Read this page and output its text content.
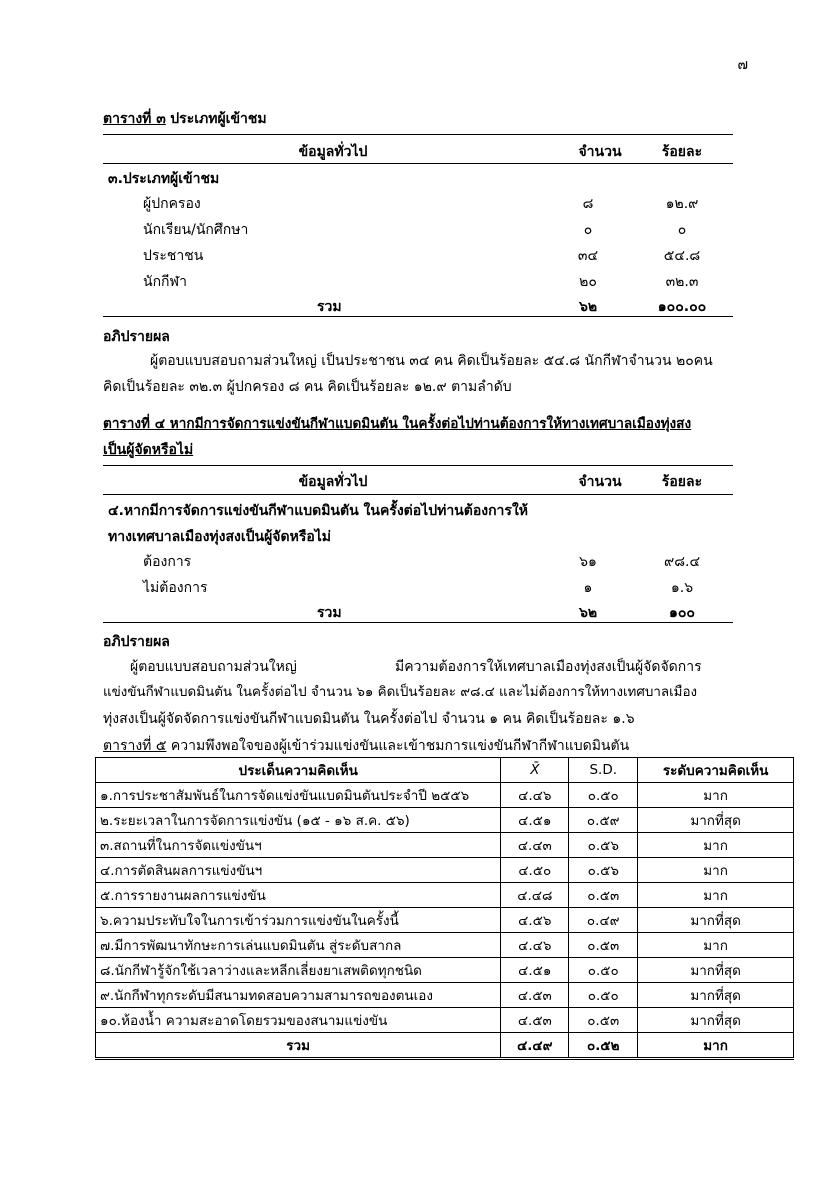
๗
ตารางที่ ๓ ประเภทผู้เข้าชม
ข้อมูลทั่วไป	จำนวน	ร้อยละ
๓.ประเภทผู้เข้าชม
ผู้ปกครอง	๘	๑๒.๙
นักเรียน/นักศึกษา	๐	๐
ประชาชน	๓๔	๕๔.๘
นักกีฬา	๒๐	๓๒.๓
รวม	๖๒	๑๐๐.๐๐
อภิปรายผล
ผู้ตอบแบบสอบถามส่วนใหญ่ เป็นประชาชน ๓๔ คน คิดเป็นร้อยละ ๕๔.๘ นักกีฬาจำนวน ๒๐คน
คิดเป็นร้อยละ ๓๒.๓ ผู้ปกครอง ๘ คน คิดเป็นร้อยละ ๑๒.๙ ตามลำดับ
ตารางที่ ๔ หากมีการจัดการแข่งขันกีฬาแบดมินตัน ในครั้งต่อไปท่านต้องการให้ทางเทศบาลเมืองทุ่งสง
เป็นผู้จัดหรือไม่
ข้อมูลทั่วไป	จำนวน	ร้อยละ
๔.หากมีการจัดการแข่งขันกีฬาแบดมินตัน ในครั้งต่อไปท่านต้องการให้
ทางเทศบาลเมืองทุ่งสงเป็นผู้จัดหรือไม่
ต้องการ	๖๑	๙๘.๔
ไม่ต้องการ	๑	๑.๖
รวม	๖๒	๑๐๐
อภิปรายผล
ผู้ตอบแบบสอบถามส่วนใหญ่	มีความต้องการให้เทศบาลเมืองทุ่งสงเป็นผู้จัดจัดการ
แข่งขันกีฬาแบดมินตัน ในครั้งต่อไป จำนวน ๖๑ คิดเป็นร้อยละ ๙๘.๔ และไม่ต้องการให้ทางเทศบาลเมือง
ทุ่งสงเป็นผู้จัดจัดการแข่งขันกีฬาแบดมินตัน ในครั้งต่อไป จำนวน ๑ คน คิดเป็นร้อยละ ๑.๖
ตารางที่ ๕ ความพึงพอใจของผู้เข้าร่วมแข่งขันและเข้าชมการแข่งขันกีฬากีฬาแบดมินตัน
ประเด็นความคิดเห็น	X̄	S.D.	ระดับความคิดเห็น
๑.การประชาสัมพันธ์ในการจัดแข่งขันแบดมินตันประจำปี ๒๕๕๖	๔.๔๖	๐.๕๐	มาก
๒.ระยะเวลาในการจัดการแข่งขัน (๑๕ - ๑๖ ส.ค. ๕๖)	๔.๕๑	๐.๕๙	มากที่สุด
๓.สถานที่ในการจัดแข่งขันฯ	๔.๔๓	๐.๕๖	มาก
๔.การตัดสินผลการแข่งขันฯ	๔.๕๐	๐.๕๖	มาก
๕.การรายงานผลการแข่งขัน	๔.๔๘	๐.๕๓	มาก
๖.ความประทับใจในการเข้าร่วมการแข่งขันในครั้งนี้	๔.๕๖	๐.๔๙	มากที่สุด
๗.มีการพัฒนาทักษะการเล่นแบดมินตัน สู่ระดับสากล	๔.๔๖	๐.๕๓	มาก
๘.นักกีฬารู้จักใช้เวลาว่างและหลีกเลี่ยงยาเสพติดทุกชนิด	๔.๕๑	๐.๕๐	มากที่สุด
๙.นักกีฬาทุกระดับมีสนามทดสอบความสามารถของตนเอง	๔.๕๓	๐.๕๐	มากที่สุด
๑๐.ห้องน้ำ ความสะอาดโดยรวมของสนามแข่งขัน	๔.๕๓	๐.๕๓	มากที่สุด
รวม	๔.๔๙	๐.๕๒	มาก
